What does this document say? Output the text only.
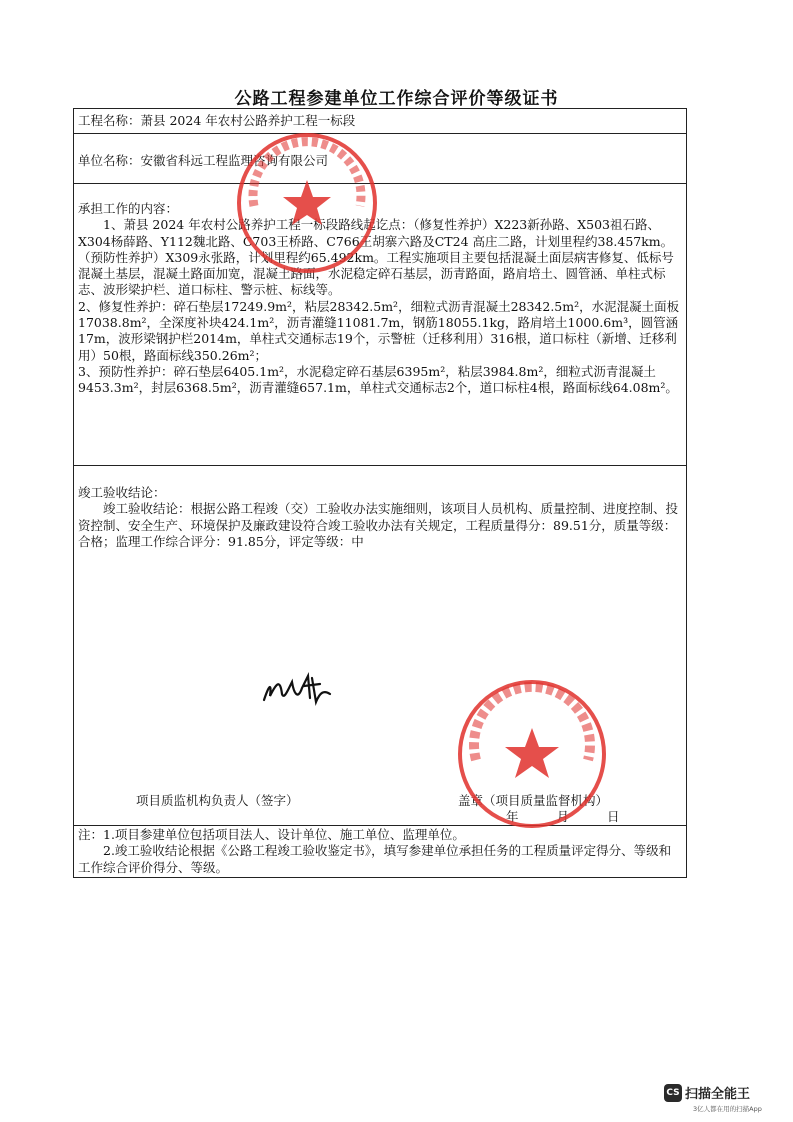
公路工程参建单位工作综合评价等级证书
工程名称：萧县 2024 年农村公路养护工程一标段
单位名称：安徽省科远工程监理咨询有限公司

承担工作的内容：

　　1、萧县 2024 年农村公路养护工程一标段路线起讫点：（修复性养护）X223新孙路、X503祖石路、X304杨薛路、Y112魏北路、C703王桥路、C766王胡寨六路及CT24 高庄二路，计划里程约38.457km。（预防性养护）X309永张路，计划里程约65.492km。工程实施项目主要包括混凝土面层病害修复、低标号混凝土基层，混凝土路面加宽，混凝土路面，水泥稳定碎石基层，沥青路面，路肩培土、圆管涵、单柱式标志、波形梁护栏、道口标柱、警示桩、标线等。

2、修复性养护：碎石垫层17249.9m²，粘层28342.5m²，细粒式沥青混凝土28342.5m²，水泥混凝土面板17038.8m²，全深度补块424.1m²，沥青灌缝11081.7m，钢筋18055.1kg，路肩培土1000.6m³，圆管涵17m，波形梁钢护栏2014m，单柱式交通标志19个，示警桩（迁移利用）316根，道口标柱（新增、迁移利用）50根，路面标线350.26m²；

3、预防性养护：碎石垫层6405.1m²，水泥稳定碎石基层6395m²，粘层3984.8m²，细粒式沥青混凝土9453.3m²，封层6368.5m²，沥青灌缝657.1m，单柱式交通标志2个，道口标柱4根，路面标线64.08m²。

竣工验收结论：

　　竣工验收结论：根据公路工程竣（交）工验收办法实施细则，该项目人员机构、质量控制、进度控制、投资控制、安全生产、环境保护及廉政建设符合竣工验收办法有关规定，工程质量得分：89.51分，质量等级：合格；监理工作综合评分：91.85分，评定等级：中

项目质监机构负责人（签字）	盖章（项目质量监督机构）
年	月	日

注：1.项目参建单位包括项目法人、设计单位、施工单位、监理单位。

　　2.竣工验收结论根据《公路工程竣工验收鉴定书》，填写参建单位承担任务的工程质量评定得分、等级和工作综合评价得分、等级。

CS 扫描全能王
3亿人都在用的扫描App
